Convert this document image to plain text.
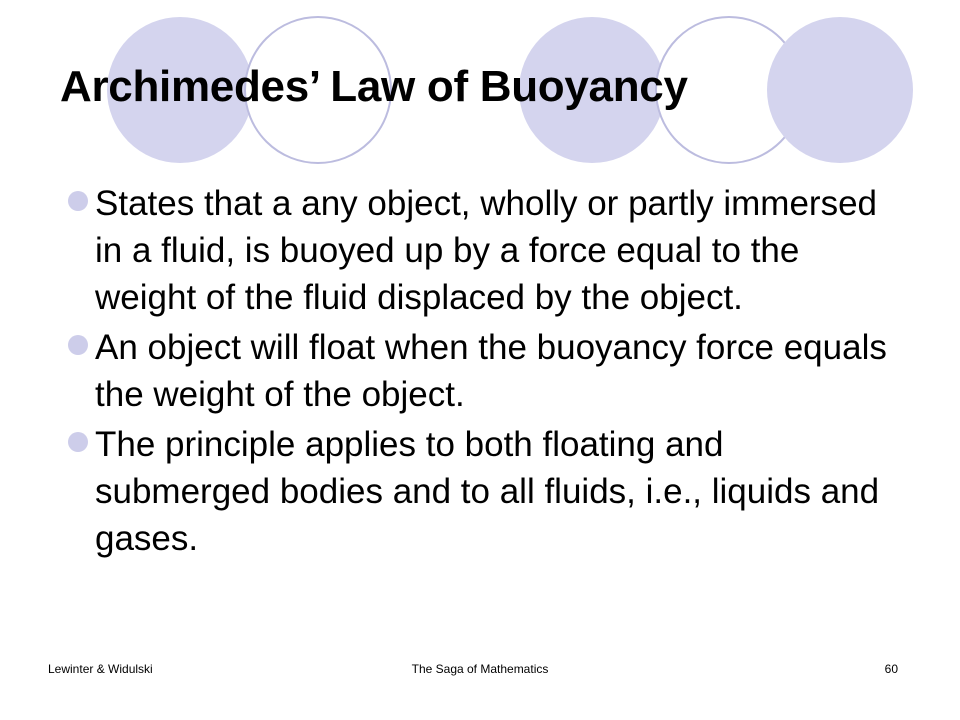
Archimedes’ Law of Buoyancy
States that a any object, wholly or partly immersed in a fluid, is buoyed up by a force equal to the weight of the fluid displaced by the object.
An object will float when the buoyancy force equals the weight of the object.
The principle applies to both floating and submerged bodies and to all fluids, i.e., liquids and gases.
Lewinter & Widulski	The Saga of Mathematics	60
